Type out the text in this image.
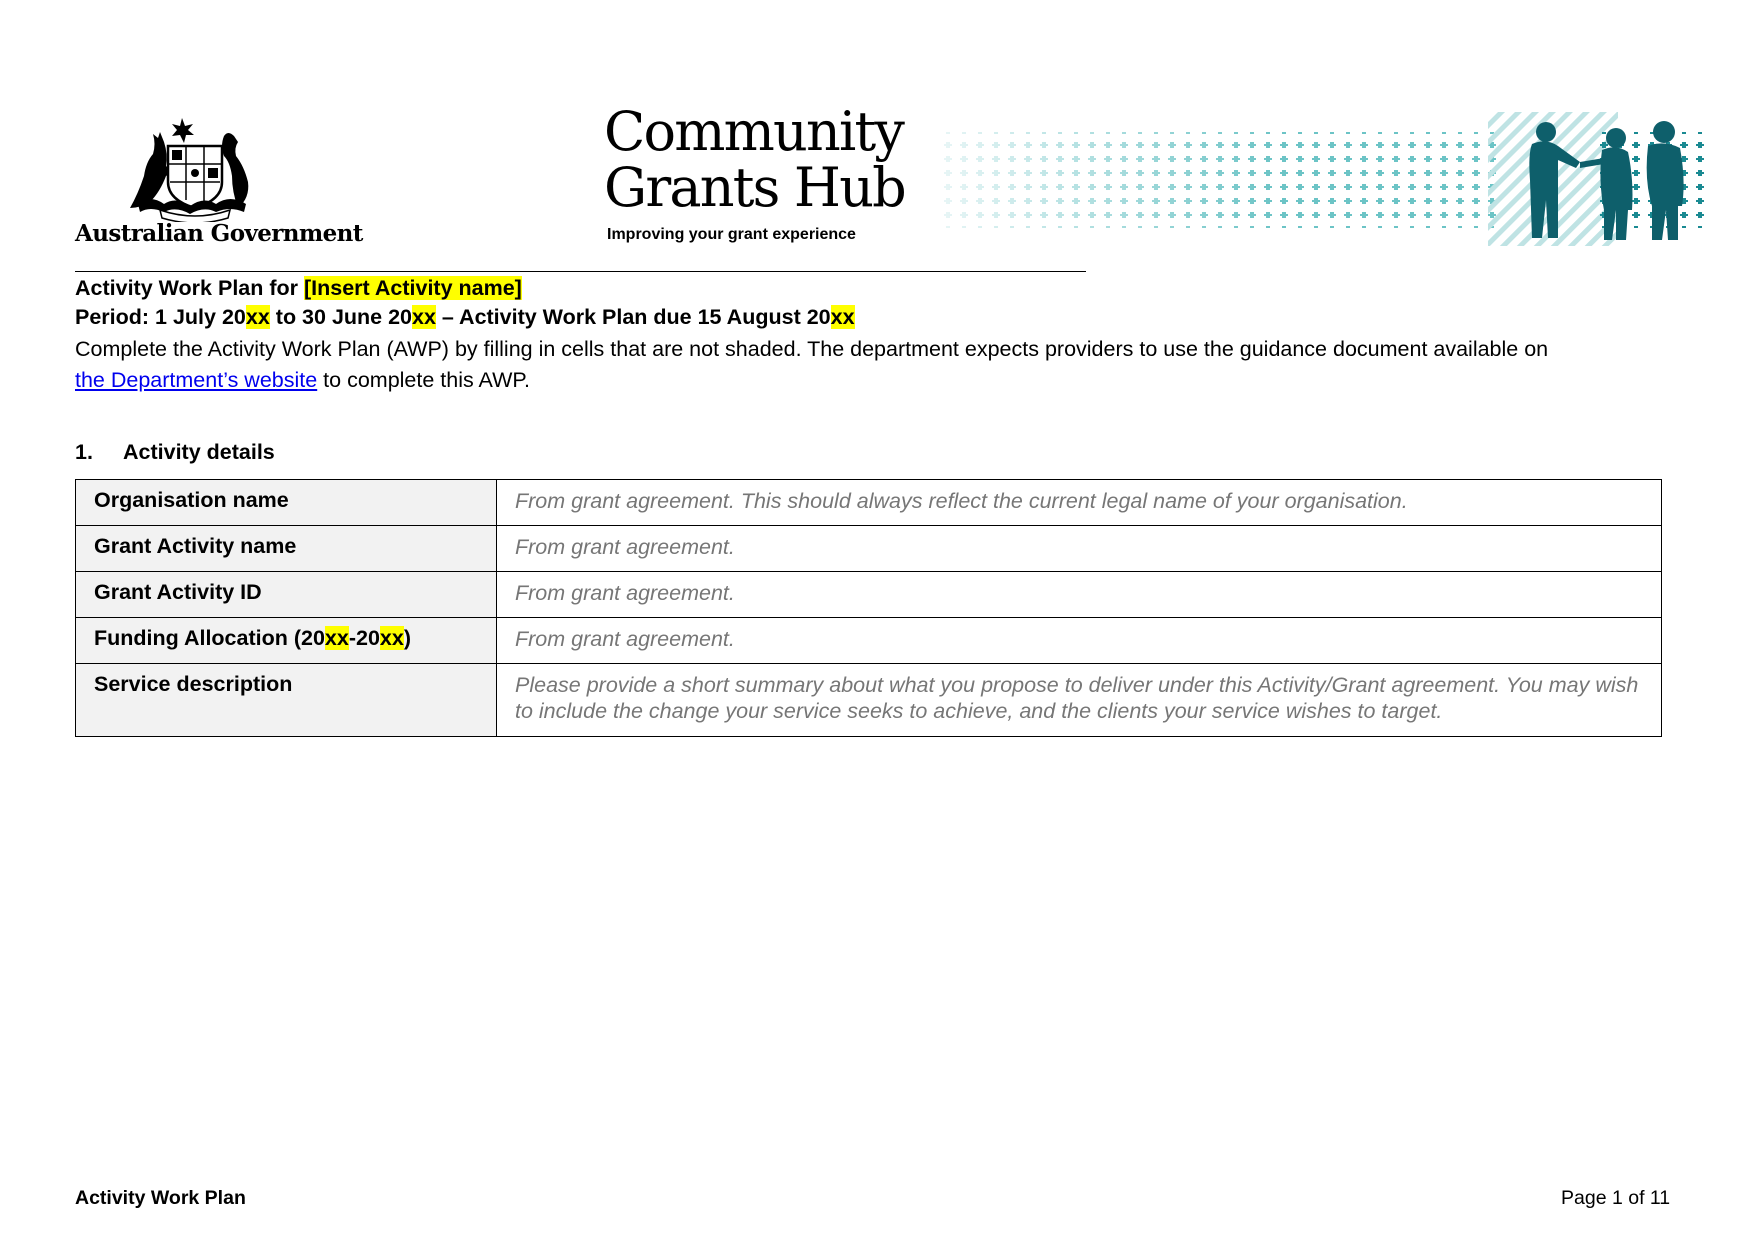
Australian Government
Community
Grants Hub
Improving your grant experience
Activity Work Plan for [Insert Activity name]
Period: 1 July 20xx to 30 June 20xx – Activity Work Plan due 15 August 20xx
Complete the Activity Work Plan (AWP) by filling in cells that are not shaded. The department expects providers to use the guidance document available on
the Department’s website to complete this AWP.
1. Activity details
Organisation name	From grant agreement. This should always reflect the current legal name of your organisation.
Grant Activity name	From grant agreement.
Grant Activity ID	From grant agreement.
Funding Allocation (20xx-20xx)	From grant agreement.
Service description	Please provide a short summary about what you propose to deliver under this Activity/Grant agreement. You may wish to include the change your service seeks to achieve, and the clients your service wishes to target.
Activity Work Plan	Page 1 of 11
